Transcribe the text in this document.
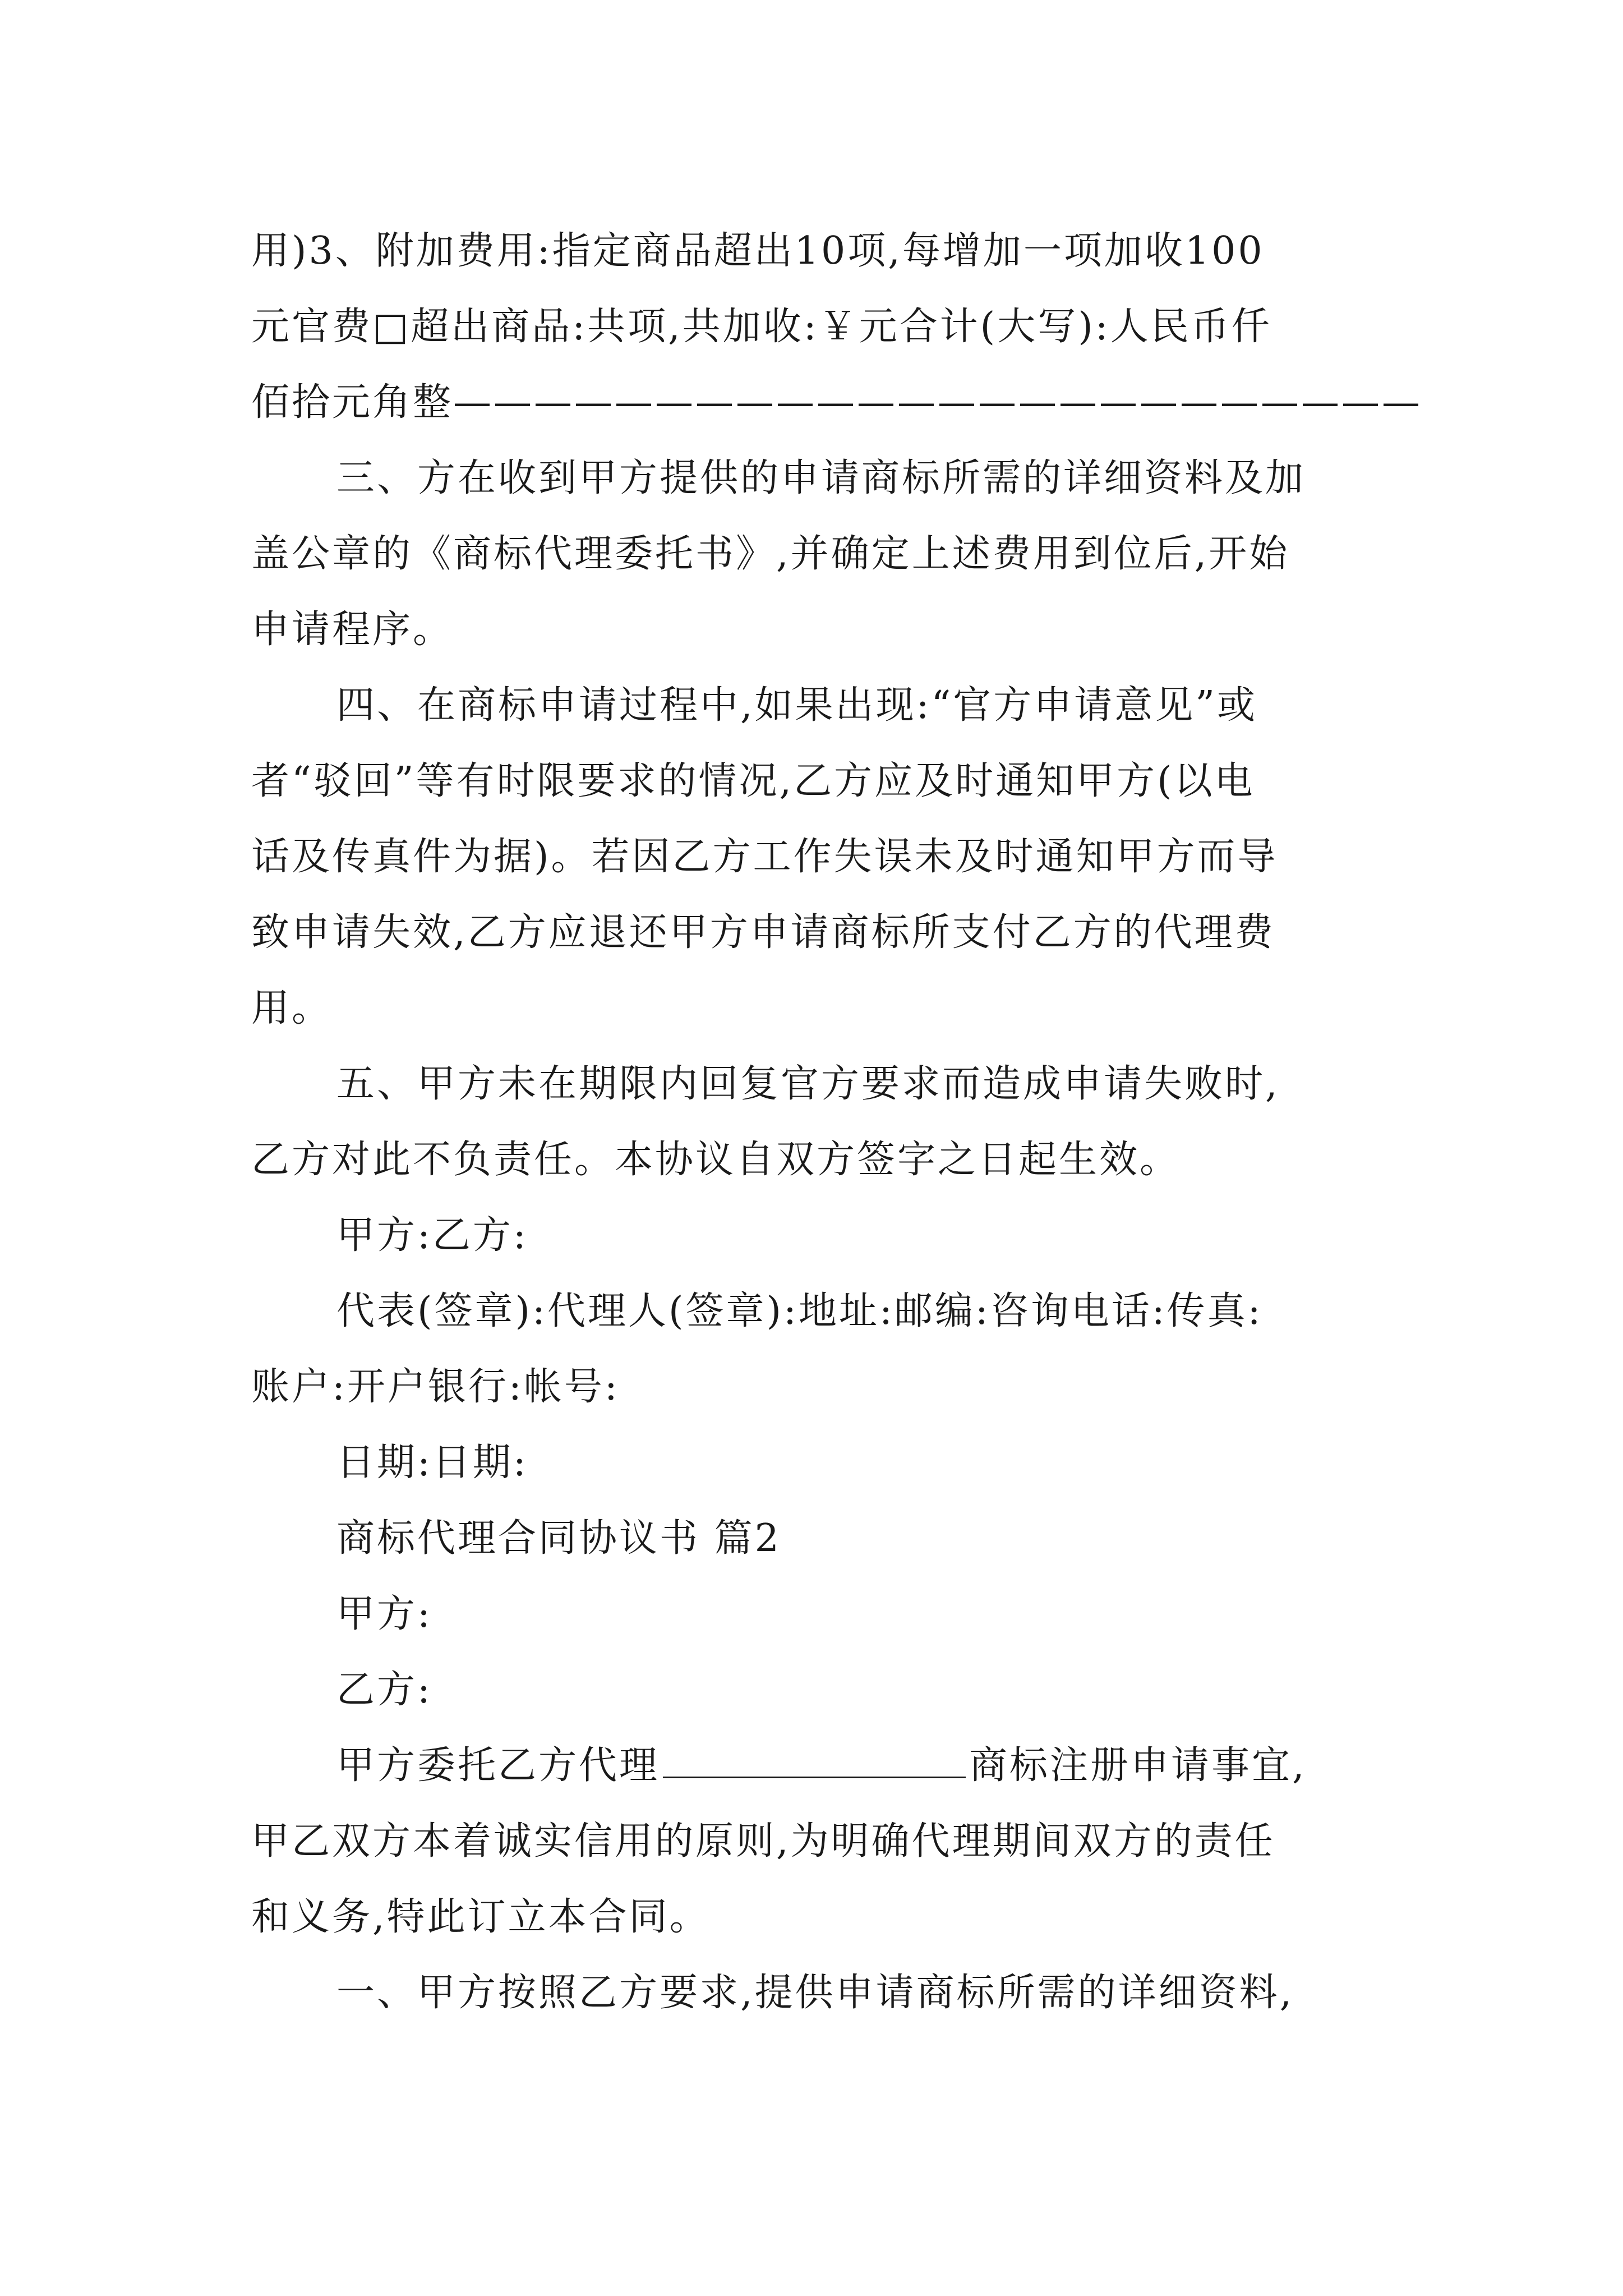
用)3、附加费用:指定商品超出10项,每增加一项加收100
元官费□超出商品:共项,共加收:￥元合计(大写):人民币仟
佰拾元角整————————————————————————
三、方在收到甲方提供的申请商标所需的详细资料及加
盖公章的《商标代理委托书》,并确定上述费用到位后,开始
申请程序。
四、在商标申请过程中,如果出现:“官方申请意见”或
者“驳回”等有时限要求的情况,乙方应及时通知甲方(以电
话及传真件为据)。若因乙方工作失误未及时通知甲方而导
致申请失效,乙方应退还甲方申请商标所支付乙方的代理费
用。
五、甲方未在期限内回复官方要求而造成申请失败时,
乙方对此不负责任。本协议自双方签字之日起生效。
甲方:乙方:
代表(签章):代理人(签章):地址:邮编:咨询电话:传真:
账户:开户银行:帐号:
日期:日期:
商标代理合同协议书 篇2
甲方:
乙方:
甲方委托乙方代理	商标注册申请事宜,
甲乙双方本着诚实信用的原则,为明确代理期间双方的责任
和义务,特此订立本合同。
一、甲方按照乙方要求,提供申请商标所需的详细资料,
